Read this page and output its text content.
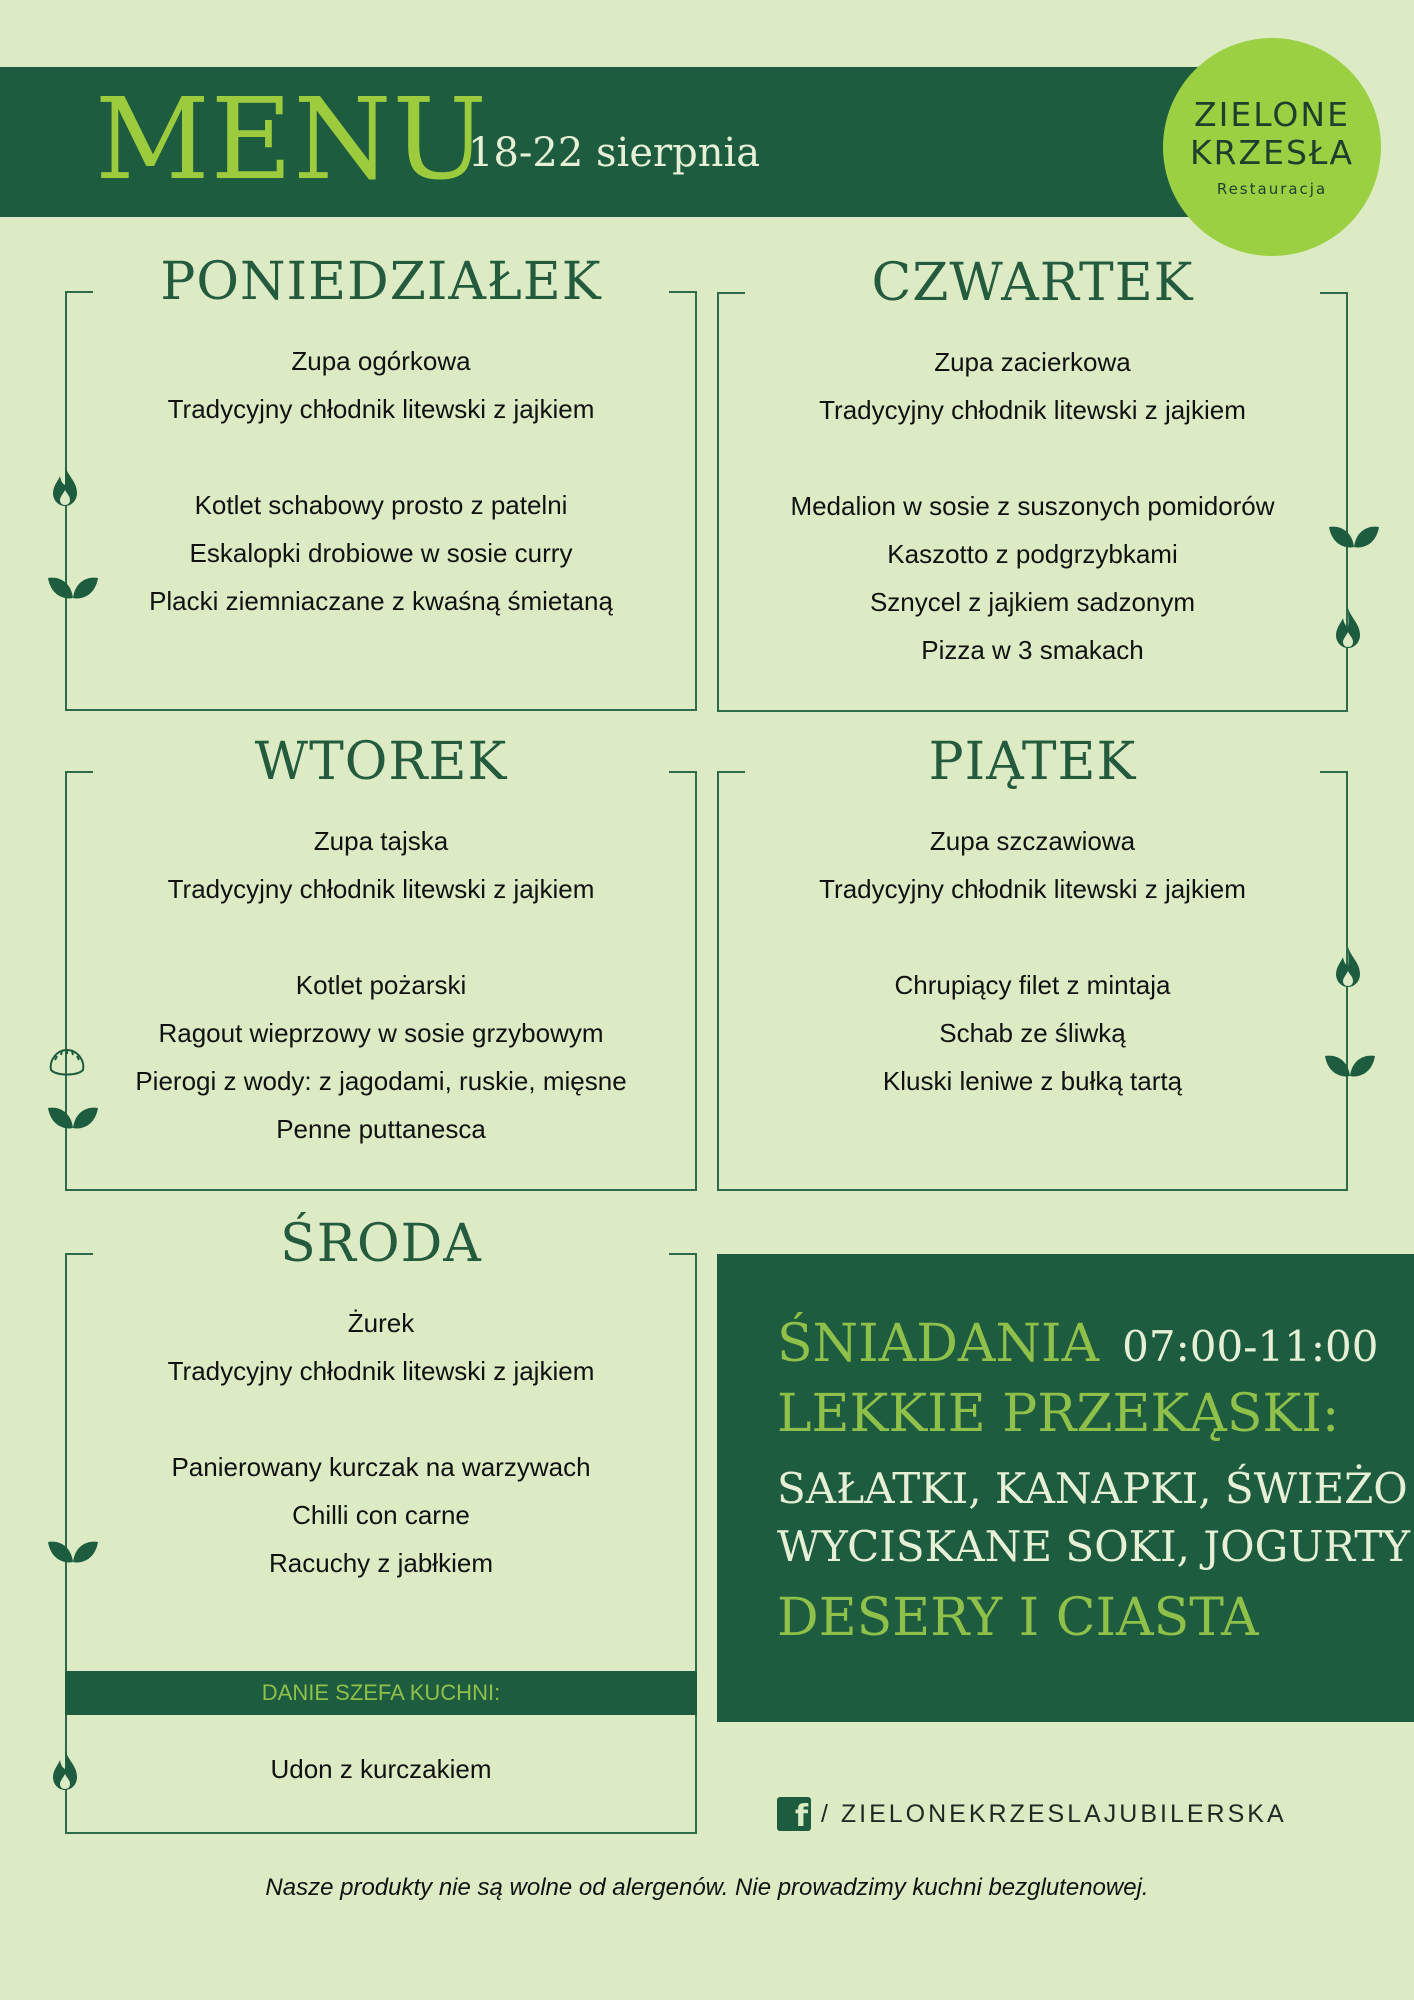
MENU
18-22 sierpnia
ZIELONE
KRZESŁA
Restauracja
PONIEDZIAŁEK
Zupa ogórkowa
Tradycyjny chłodnik litewski z jajkiem
Kotlet schabowy prosto z patelni
Eskalopki drobiowe w sosie curry
Placki ziemniaczane z kwaśną śmietaną
CZWARTEK
Zupa zacierkowa
Tradycyjny chłodnik litewski z jajkiem
Medalion w sosie z suszonych pomidorów
Kaszotto z podgrzybkami
Sznycel z jajkiem sadzonym
Pizza w 3 smakach
WTOREK
Zupa tajska
Tradycyjny chłodnik litewski z jajkiem
Kotlet pożarski
Ragout wieprzowy w sosie grzybowym
Pierogi z wody: z jagodami, ruskie, mięsne
Penne puttanesca
PIĄTEK
Zupa szczawiowa
Tradycyjny chłodnik litewski z jajkiem
Chrupiący filet z mintaja
Schab ze śliwką
Kluski leniwe z bułką tartą
ŚRODA
Żurek
Tradycyjny chłodnik litewski z jajkiem
Panierowany kurczak na warzywach
Chilli con carne
Racuchy z jabłkiem
DANIE SZEFA KUCHNI:
Udon z kurczakiem
ŚNIADANIA 07:00-11:00
LEKKIE PRZEKĄSKI:
SAŁATKI, KANAPKI, ŚWIEŻO
WYCISKANE SOKI, JOGURTY
DESERY I CIASTA
f / ZIELONEKRZESLAJUBILERSKA
Nasze produkty nie są wolne od alergenów. Nie prowadzimy kuchni bezglutenowej.
